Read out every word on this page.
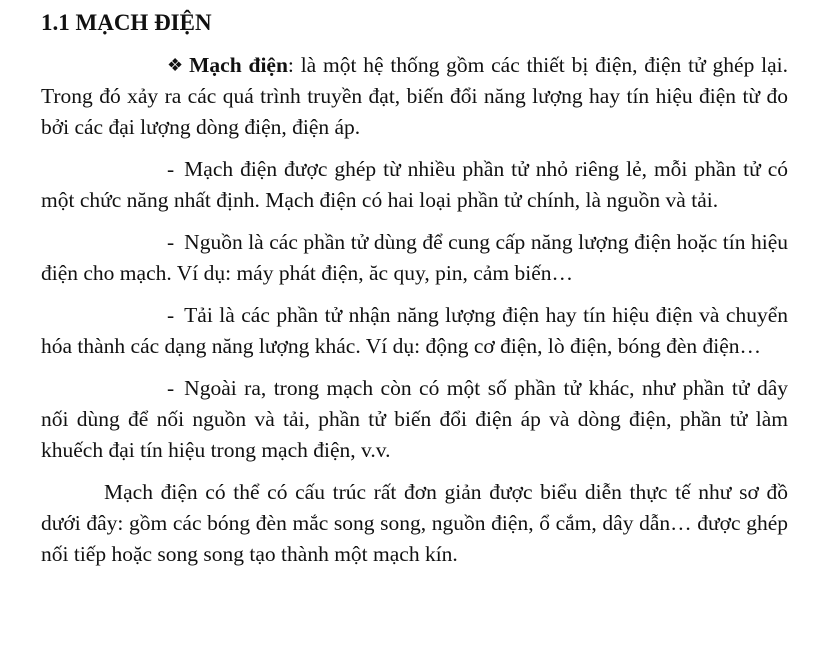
1.1 MẠCH ĐIỆN

❖ Mạch điện: là một hệ thống gồm các thiết bị điện, điện tử ghép lại. Trong đó xảy ra các quá trình truyền đạt, biến đổi năng lượng hay tín hiệu điện từ đo bởi các đại lượng dòng điện, điện áp.

- Mạch điện được ghép từ nhiều phần tử nhỏ riêng lẻ, mỗi phần tử có một chức năng nhất định. Mạch điện có hai loại phần tử chính, là nguồn và tải.

- Nguồn là các phần tử dùng để cung cấp năng lượng điện hoặc tín hiệu điện cho mạch. Ví dụ: máy phát điện, ăc quy, pin, cảm biến…

- Tải là các phần tử nhận năng lượng điện hay tín hiệu điện và chuyển hóa thành các dạng năng lượng khác. Ví dụ: động cơ điện, lò điện, bóng đèn điện…

- Ngoài ra, trong mạch còn có một số phần tử khác, như phần tử dây nối dùng để nối nguồn và tải, phần tử biến đổi điện áp và dòng điện, phần tử làm khuếch đại tín hiệu trong mạch điện, v.v.

Mạch điện có thể có cấu trúc rất đơn giản được biểu diễn thực tế như sơ đồ dưới đây: gồm các bóng đèn mắc song song, nguồn điện, ổ cắm, dây dẫn… được ghép nối tiếp hoặc song song tạo thành một mạch kín.
